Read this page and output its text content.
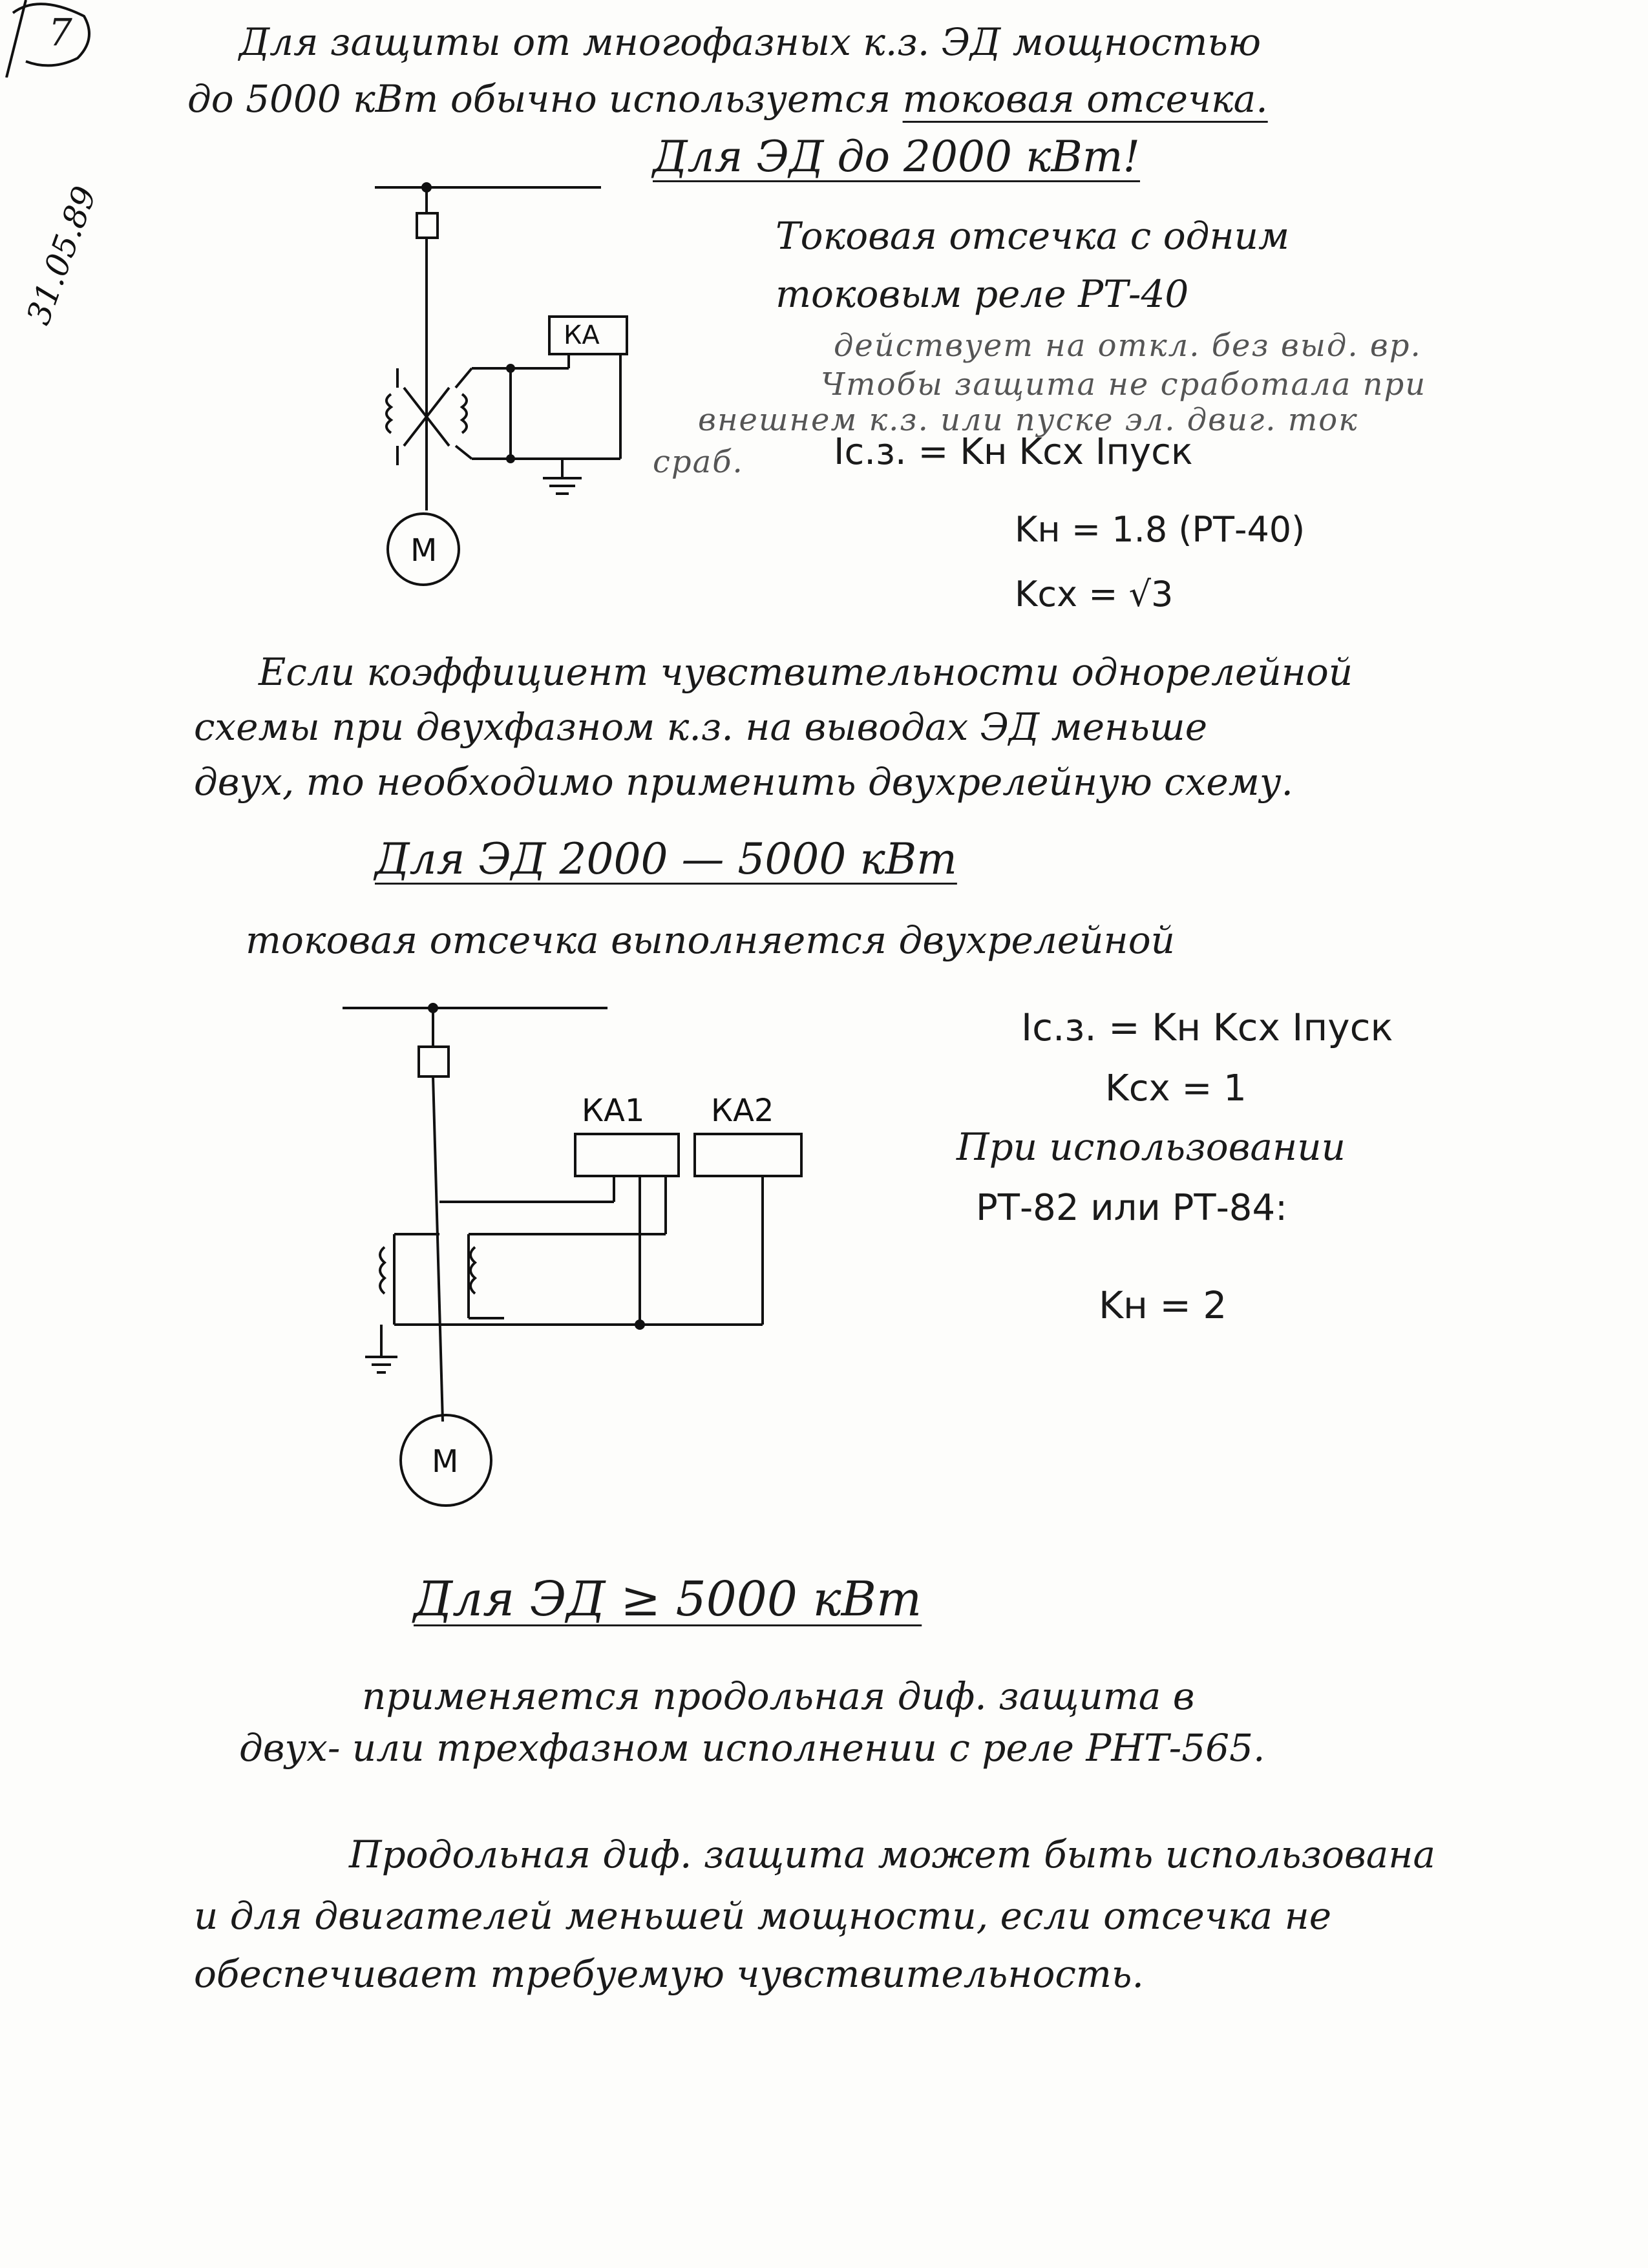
7
31.05.89
Для защиты от многофазных к.з. ЭД мощностью
до 5000 кВт обычно используется токовая отсечка.
Для ЭД до 2000 кВт!
КА
М
Токовая отсечка с одним
токовым реле РТ-40
действует на откл. без выд. вр.
Чтобы защита не сработала при
внешнем к.з. или пуске эл. двиг. ток
сраб. Iс.з. = Kн Kсх Iпуск
Kн = 1.8 (РТ-40)
Kсх = √3
Если коэффициент чувствительности однорелейной
схемы при двухфазном к.з. на выводах ЭД меньше
двух, то необходимо применить двухрелейную схему.
Для ЭД 2000 — 5000 кВт
токовая отсечка выполняется двухрелейной
КА1 КА2
М
Iс.з. = Kн Kсх Iпуск
Kсх = 1
При использовании
РТ-82 или РТ-84:
Kн = 2
Для ЭД ≥ 5000 кВт
применяется продольная диф. защита в
двух- или трехфазном исполнении с реле РНТ-565.
Продольная диф. защита может быть использована
и для двигателей меньшей мощности, если отсечка не
обеспечивает требуемую чувствительность.
